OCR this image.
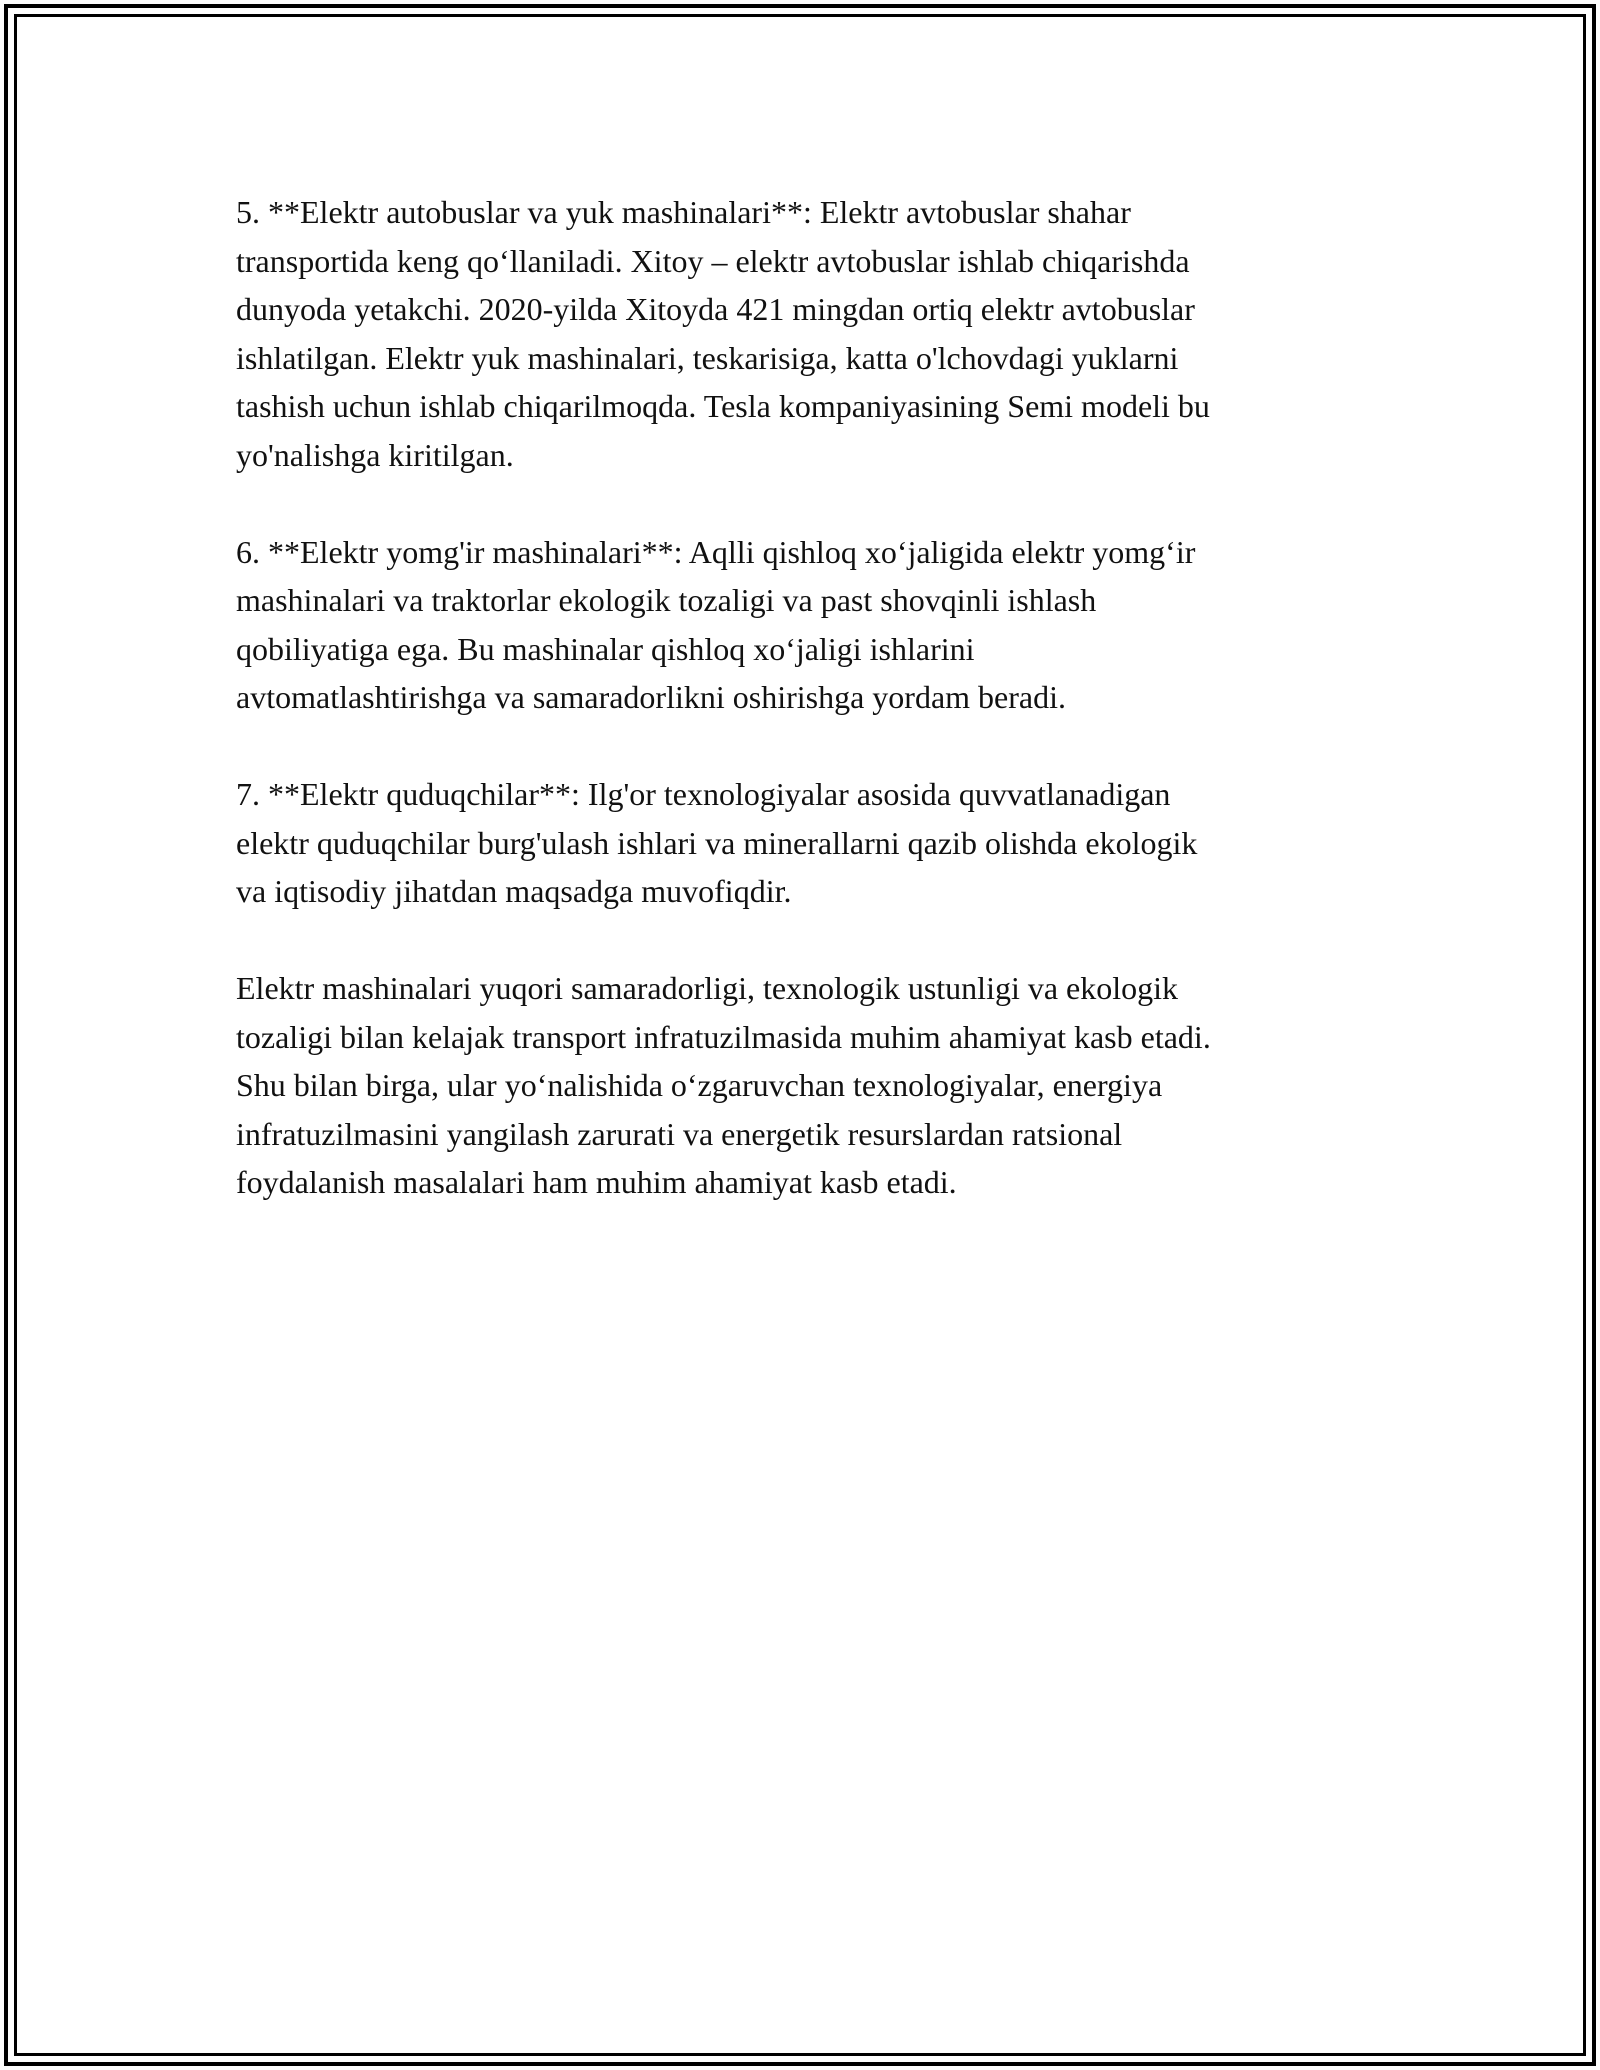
5. **Elektr autobuslar va yuk mashinalari**: Elektr avtobuslar shahar
transportida keng qo‘llaniladi. Xitoy – elektr avtobuslar ishlab chiqarishda
dunyoda yetakchi. 2020-yilda Xitoyda 421 mingdan ortiq elektr avtobuslar
ishlatilgan. Elektr yuk mashinalari, teskarisiga, katta o'lchovdagi yuklarni
tashish uchun ishlab chiqarilmoqda. Tesla kompaniyasining Semi modeli bu
yo'nalishga kiritilgan.

6. **Elektr yomg'ir mashinalari**: Aqlli qishloq xo‘jaligida elektr yomg‘ir
mashinalari va traktorlar ekologik tozaligi va past shovqinli ishlash
qobiliyatiga ega. Bu mashinalar qishloq xo‘jaligi ishlarini
avtomatlashtirishga va samaradorlikni oshirishga yordam beradi.

7. **Elektr quduqchilar**: Ilg'or texnologiyalar asosida quvvatlanadigan
elektr quduqchilar burg'ulash ishlari va minerallarni qazib olishda ekologik
va iqtisodiy jihatdan maqsadga muvofiqdir.

Elektr mashinalari yuqori samaradorligi, texnologik ustunligi va ekologik
tozaligi bilan kelajak transport infratuzilmasida muhim ahamiyat kasb etadi.
Shu bilan birga, ular yo‘nalishida o‘zgaruvchan texnologiyalar, energiya
infratuzilmasini yangilash zarurati va energetik resurslardan ratsional
foydalanish masalalari ham muhim ahamiyat kasb etadi.
